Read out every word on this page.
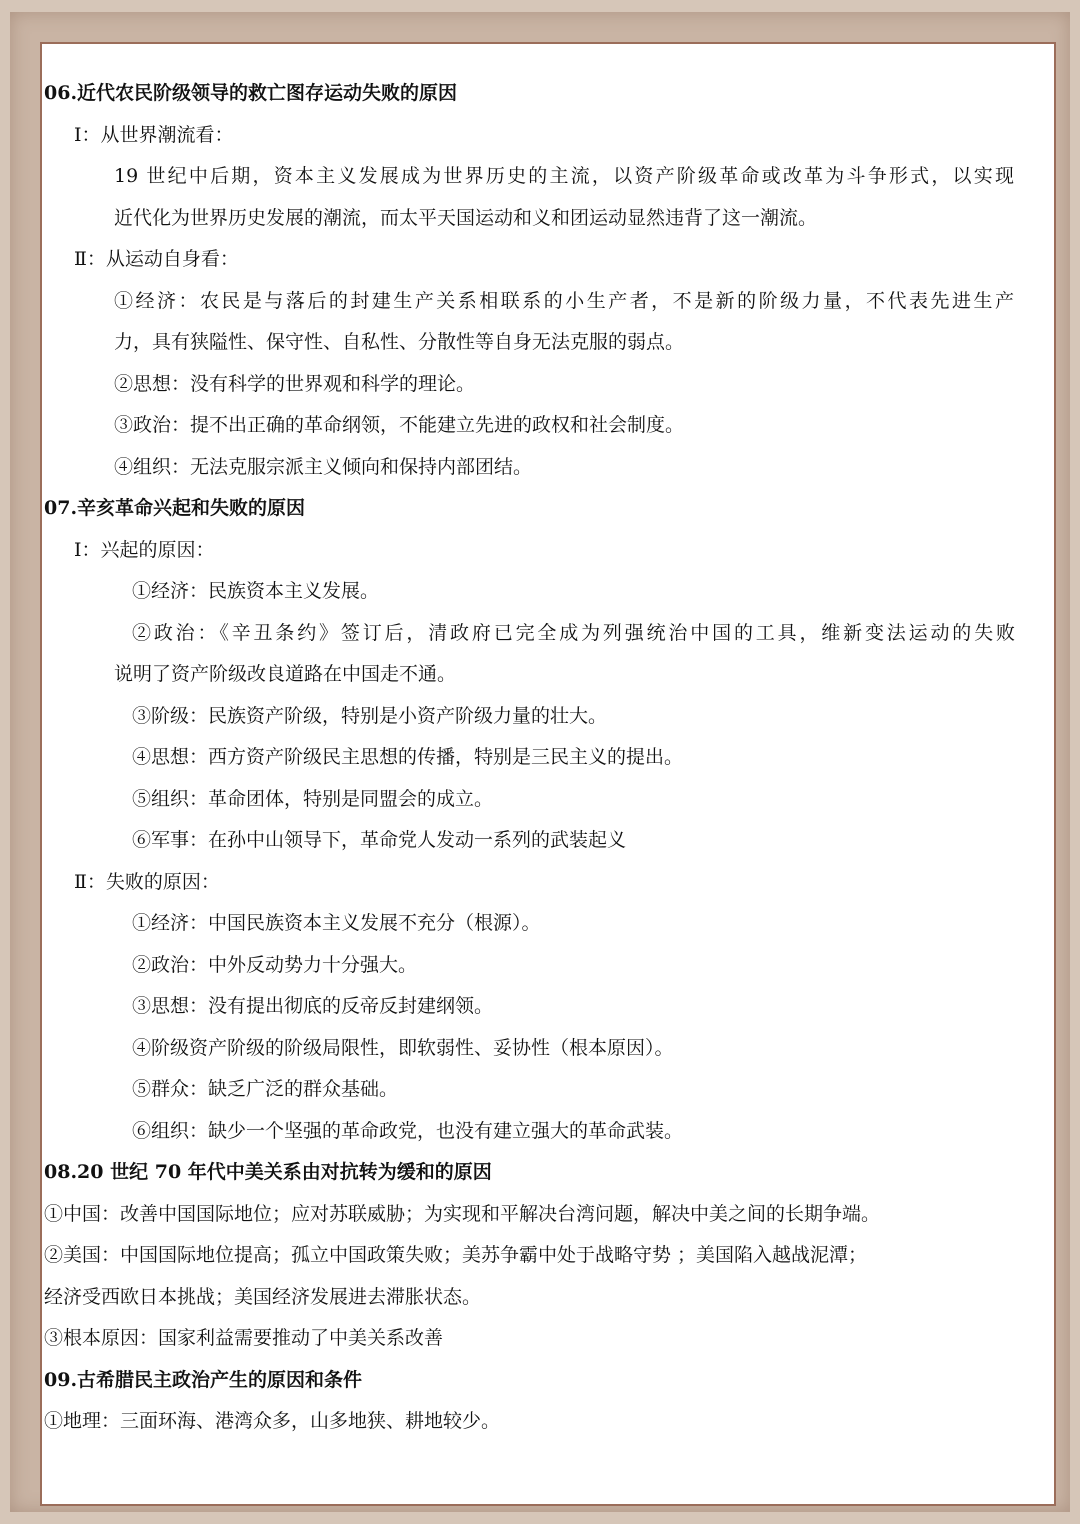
06.近代农民阶级领导的救亡图存运动失败的原因
Ⅰ：从世界潮流看：
19 世纪中后期，资本主义发展成为世界历史的主流，以资产阶级革命或改革为斗争形式，以实现
近代化为世界历史发展的潮流，而太平天国运动和义和团运动显然违背了这一潮流。
Ⅱ：从运动自身看：
①经济：农民是与落后的封建生产关系相联系的小生产者，不是新的阶级力量，不代表先进生产
力，具有狭隘性、保守性、自私性、分散性等自身无法克服的弱点。
②思想：没有科学的世界观和科学的理论。
③政治：提不出正确的革命纲领，不能建立先进的政权和社会制度。
④组织：无法克服宗派主义倾向和保持内部团结。
07.辛亥革命兴起和失败的原因
Ⅰ：兴起的原因：
①经济：民族资本主义发展。
②政治：《辛丑条约》签订后，清政府已完全成为列强统治中国的工具，维新变法运动的失败
说明了资产阶级改良道路在中国走不通。
③阶级：民族资产阶级，特别是小资产阶级力量的壮大。
④思想：西方资产阶级民主思想的传播，特别是三民主义的提出。
⑤组织：革命团体，特别是同盟会的成立。
⑥军事：在孙中山领导下，革命党人发动一系列的武装起义
Ⅱ：失败的原因：
①经济：中国民族资本主义发展不充分（根源）。
②政治：中外反动势力十分强大。
③思想：没有提出彻底的反帝反封建纲领。
④阶级资产阶级的阶级局限性，即软弱性、妥协性（根本原因）。
⑤群众：缺乏广泛的群众基础。
⑥组织：缺少一个坚强的革命政党，也没有建立强大的革命武装。
08.20 世纪 70 年代中美关系由对抗转为缓和的原因
①中国：改善中国国际地位；应对苏联威胁；为实现和平解决台湾问题，解决中美之间的长期争端。
②美国：中国国际地位提高；孤立中国政策失败；美苏争霸中处于战略守势 ；美国陷入越战泥潭；
经济受西欧日本挑战；美国经济发展进去滞胀状态。
③根本原因：国家利益需要推动了中美关系改善
09.古希腊民主政治产生的原因和条件
①地理：三面环海、港湾众多，山多地狭、耕地较少。
